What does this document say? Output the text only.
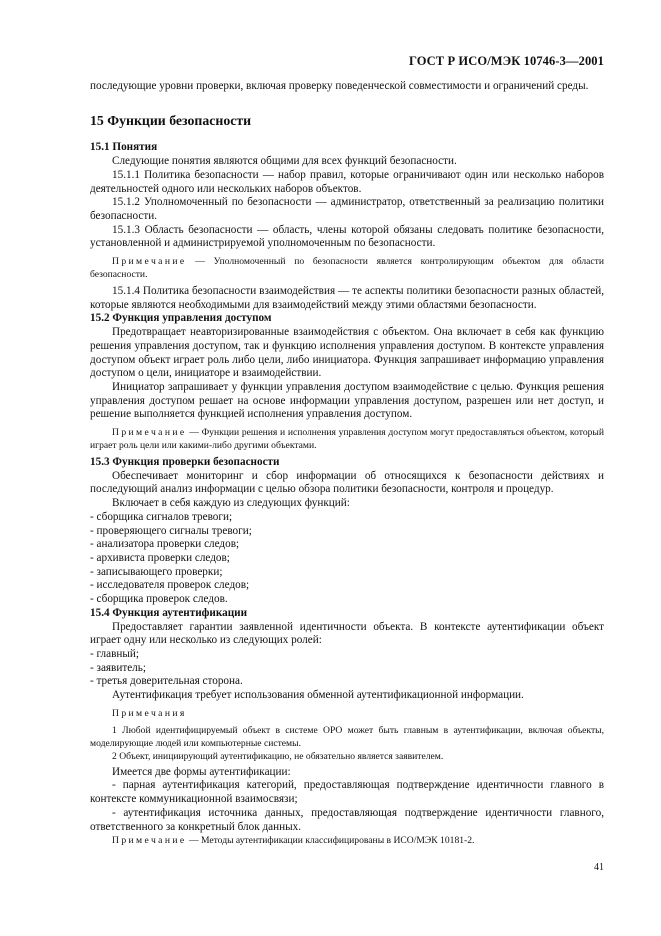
ГОСТ Р ИСО/МЭК 10746-3—2001

последующие уровни проверки, включая проверку поведенческой совместимости и ограничений среды.

15 Функции безопасности

15.1 Понятия

Следующие понятия являются общими для всех функций безопасности.

15.1.1 Политика безопасности — набор правил, которые ограничивают один или несколько наборов деятельностей одного или нескольких наборов объектов.

15.1.2 Уполномоченный по безопасности — администратор, ответственный за реализацию политики безопасности.

15.1.3 Область безопасности — область, члены которой обязаны следовать политике безопасности, установленной и администрируемой уполномоченным по безопасности.

Примечание — Уполномоченный по безопасности является контролирующим объектом для области безопасности.

15.1.4 Политика безопасности взаимодействия — те аспекты политики безопасности разных областей, которые являются необходимыми для взаимодействий между этими областями безопасности.

15.2 Функция управления доступом

Предотвращает неавторизированные взаимодействия с объектом. Она включает в себя как функцию решения управления доступом, так и функцию исполнения управления доступом. В контексте управления доступом объект играет роль либо цели, либо инициатора. Функция запрашивает информацию управления доступом о цели, инициаторе и взаимодействии.

Инициатор запрашивает у функции управления доступом взаимодействие с целью. Функция решения управления доступом решает на основе информации управления доступом, разрешен или нет доступ, и решение выполняется функцией исполнения управления доступом.

Примечание — Функции решения и исполнения управления доступом могут предоставляться объектом, который играет роль цели или какими-либо другими объектами.

15.3 Функция проверки безопасности

Обеспечивает мониторинг и сбор информации об относящихся к безопасности действиях и последующий анализ информации с целью обзора политики безопасности, контроля и процедур.

Включает в себя каждую из следующих функций:

- сборщика сигналов тревоги;

- проверяющего сигналы тревоги;

- анализатора проверки следов;

- архивиста проверки следов;

- записывающего проверки;

- исследователя проверок следов;

- сборщика проверок следов.

15.4 Функция аутентификации

Предоставляет гарантии заявленной идентичности объекта. В контексте аутентификации объект играет одну или несколько из следующих ролей:

- главный;

- заявитель;

- третья доверительная сторона.

Аутентификация требует использования обменной аутентификационной информации.

Примечания

1 Любой идентифицируемый объект в системе ОРО может быть главным в аутентификации, включая объекты, моделирующие людей или компьютерные системы.

2 Объект, инициирующий аутентификацию, не обязательно является заявителем.

Имеется две формы аутентификации:

- парная аутентификация категорий, предоставляющая подтверждение идентичности главного в контексте коммуникационной взаимосвязи;

- аутентификация источника данных, предоставляющая подтверждение идентичности главного, ответственного за конкретный блок данных.

Примечание — Методы аутентификации классифицированы в ИСО/МЭК 10181-2.

41
